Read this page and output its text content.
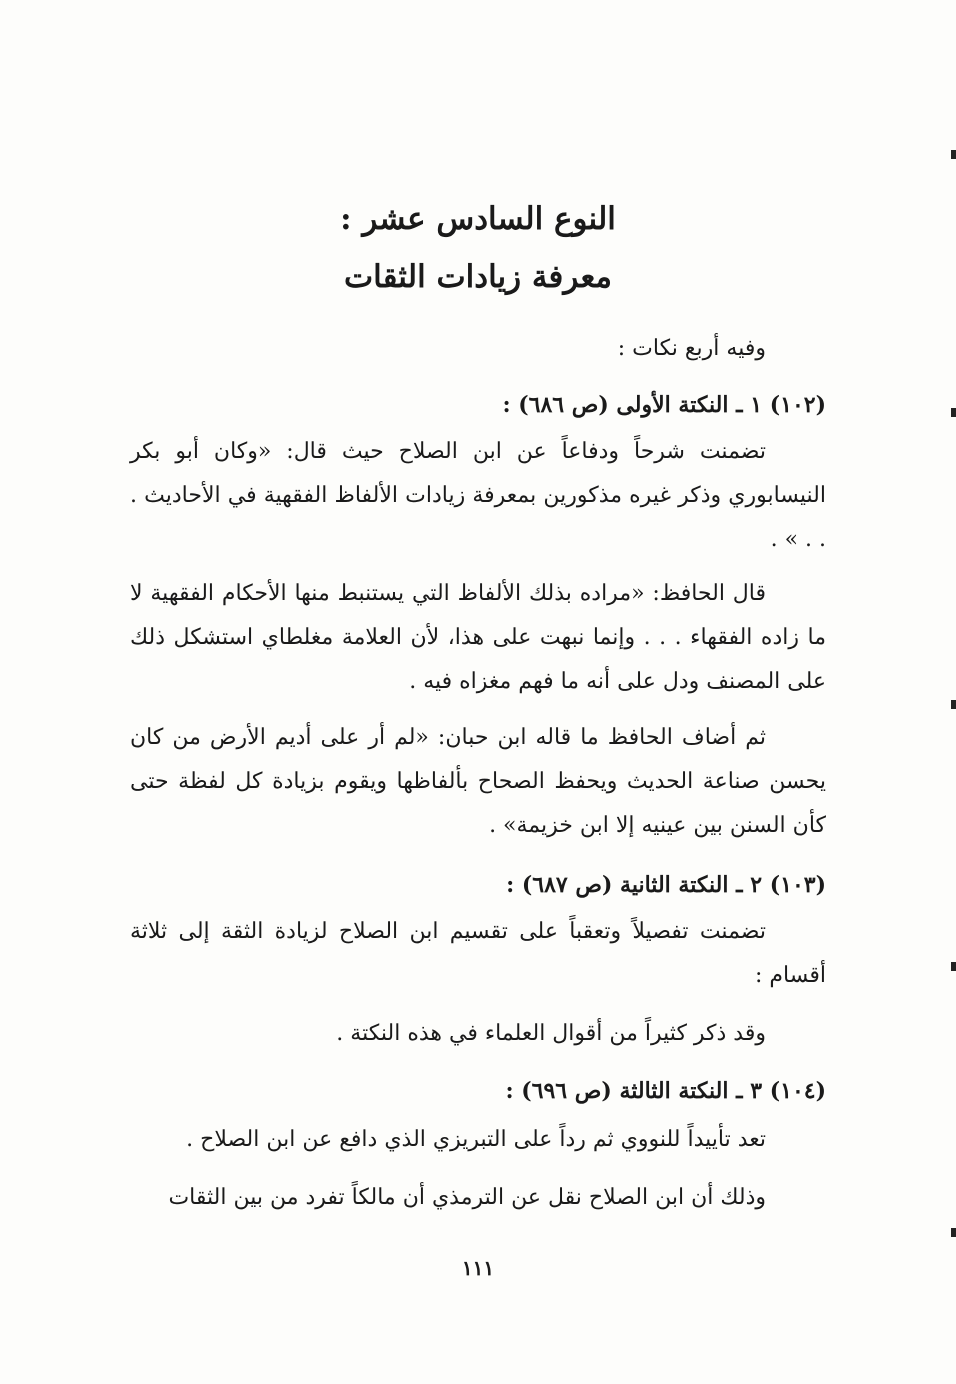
النوع السادس عشر :
معرفة زيادات الثقات
وفيه أربع نكات :
(١٠٢) ١ ـ النكتة الأولى (ص ٦٨٦) :
تضمنت شرحاً ودفاعاً عن ابن الصلاح حيث قال: «وكان أبو بكر النيسابوري وذكر غيره مذكورين بمعرفة زيادات الألفاظ الفقهية في الأحاديث . . . » .
قال الحافظ: «مراده بذلك الألفاظ التي يستنبط منها الأحكام الفقهية لا ما زاده الفقهاء . . . وإنما نبهت على هذا، لأن العلامة مغلطاي استشكل ذلك على المصنف ودل على أنه ما فهم مغزاه فيه .
ثم أضاف الحافظ ما قاله ابن حبان: «لم أر على أديم الأرض من كان يحسن صناعة الحديث ويحفظ الصحاح بألفاظها ويقوم بزيادة كل لفظة حتى كأن السنن بين عينيه إلا ابن خزيمة» .
(١٠٣) ٢ ـ النكتة الثانية (ص ٦٨٧) :
تضمنت تفصيلاً وتعقباً على تقسيم ابن الصلاح لزيادة الثقة إلى ثلاثة أقسام :
وقد ذكر كثيراً من أقوال العلماء في هذه النكتة .
(١٠٤) ٣ ـ النكتة الثالثة (ص ٦٩٦) :
تعد تأييداً للنووي ثم رداً على التبريزي الذي دافع عن ابن الصلاح .
وذلك أن ابن الصلاح نقل عن الترمذي أن مالكاً تفرد من بين الثقات
١١١
